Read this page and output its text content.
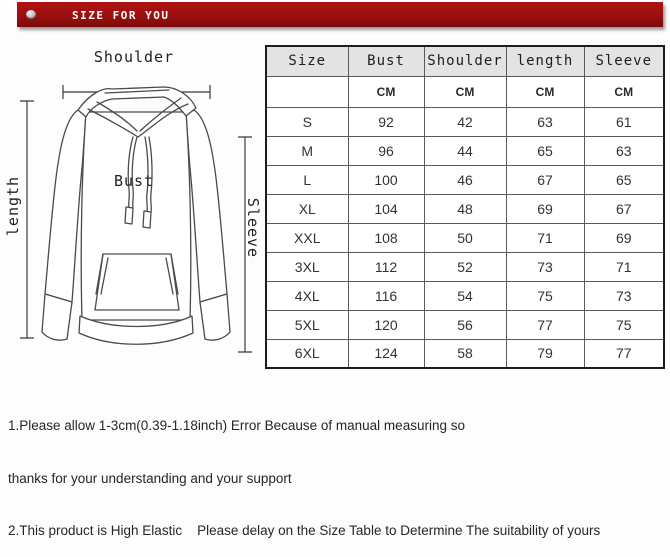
SIZE FOR YOU
Shoulder
length	Bust
Sleeve
Size	Bust	Shoulder	length	Sleeve
	CM	CM	CM	CM
S	92	42	63	61
M	96	44	65	63
L	100	46	67	65
XL	104	48	69	67
XXL	108	50	71	69
3XL	112	52	73	71
4XL	116	54	75	73
5XL	120	56	77	75
6XL	124	58	79	77

1.Please allow 1-3cm(0.39-1.18inch) Error Because of manual measuring so

thanks for your understanding and your support

2.This product is High Elastic    Please delay on the Size Table to Determine The suitability of yours
